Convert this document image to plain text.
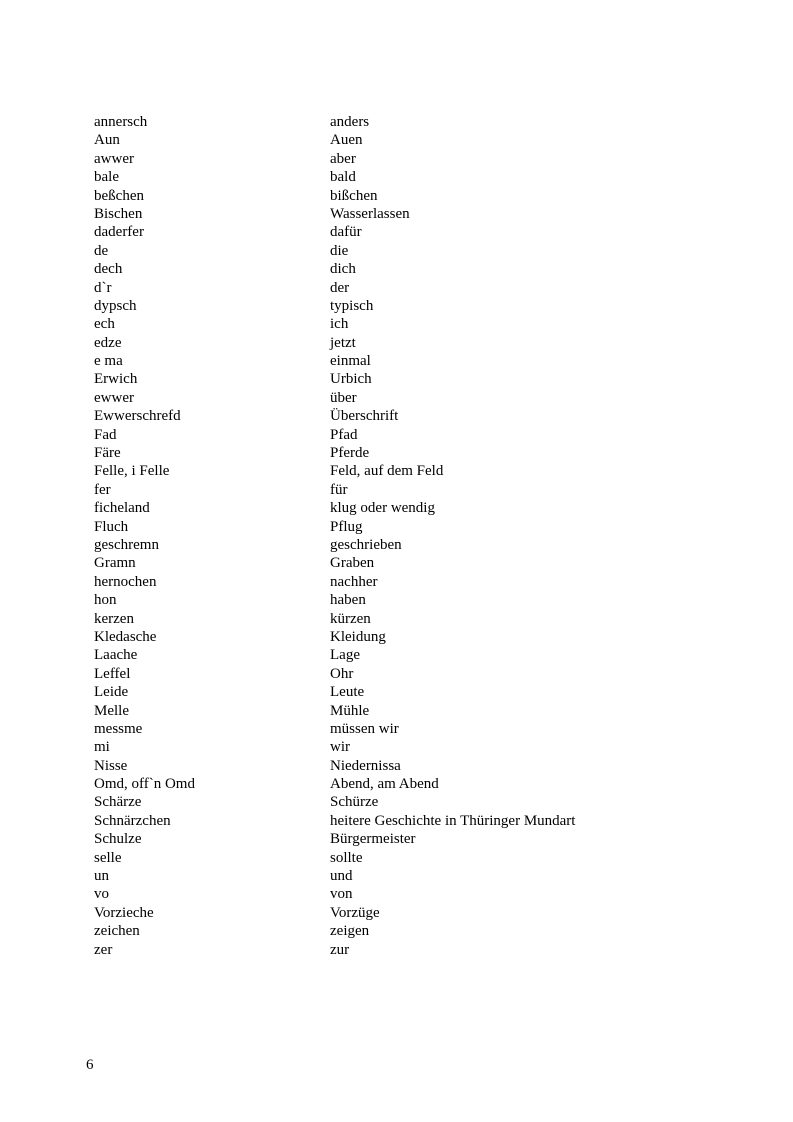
annersch	anders
Aun	Auen
awwer	aber
bale	bald
beßchen	bißchen
Bischen	Wasserlassen
daderfer	dafür
de	die
dech	dich
d`r	der
dypsch	typisch
ech	ich
edze	jetzt
e ma	einmal
Erwich	Urbich
ewwer	über
Ewwerschrefd	Überschrift
Fad	Pfad
Färe	Pferde
Felle, i Felle	Feld, auf dem Feld
fer	für
ficheland	klug oder wendig
Fluch	Pflug
geschremn	geschrieben
Gramn	Graben
hernochen	nachher
hon	haben
kerzen	kürzen
Kledasche	Kleidung
Laache	Lage
Leffel	Ohr
Leide	Leute
Melle	Mühle
messme	müssen wir
mi	wir
Nisse	Niedernissa
Omd, off`n Omd	Abend, am Abend
Schärze	Schürze
Schnärzchen	heitere Geschichte in Thüringer Mundart
Schulze	Bürgermeister
selle	sollte
un	und
vo	von
Vorzieche	Vorzüge
zeichen	zeigen
zer	zur
6
